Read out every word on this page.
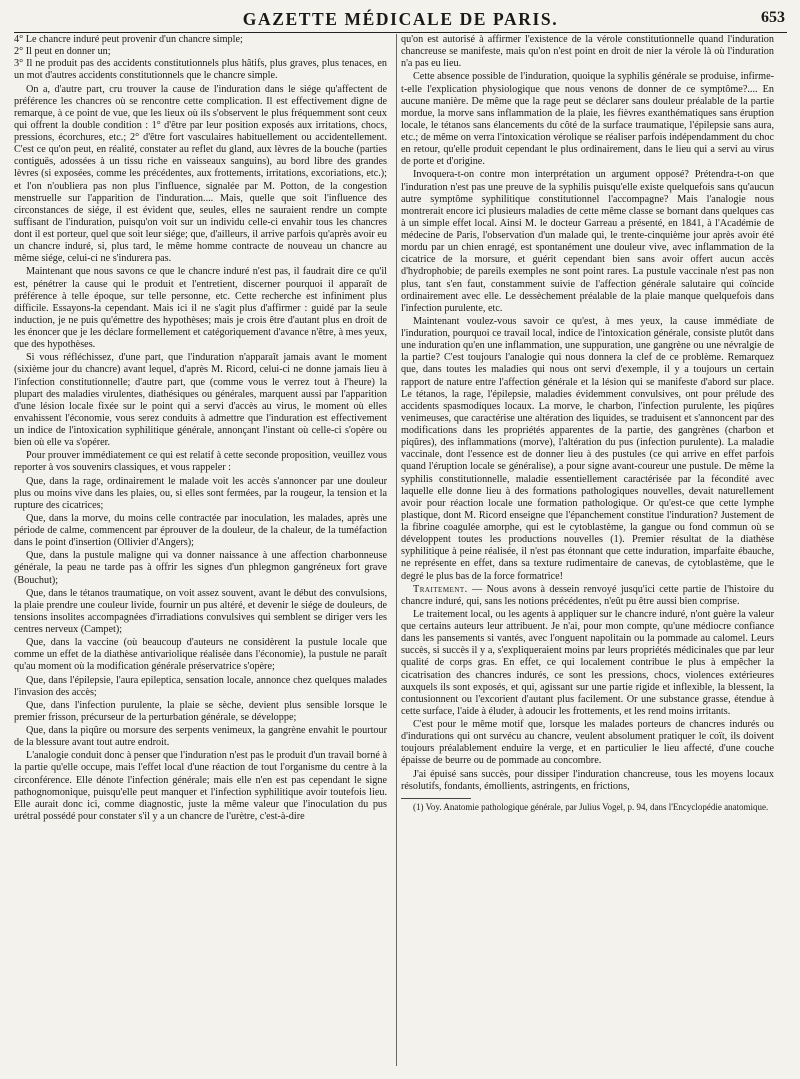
GAZETTE MÉDICALE DE PARIS.	653

4° Le chancre induré peut provenir d'un chancre simple;

2° Il peut en donner un;

3° Il ne produit pas des accidents constitutionnels plus hâtifs, plus graves, plus tenaces, en un mot d'autres accidents constitutionnels que le chancre simple.

On a, d'autre part, cru trouver la cause de l'induration dans le siége qu'affectent de préférence les chancres où se rencontre cette complication. Il est effectivement digne de remarque, à ce point de vue, que les lieux où ils s'observent le plus fréquemment sont ceux qui offrent la double condition : 1° d'être par leur position exposés aux irritations, chocs, pressions, écorchures, etc.; 2° d'être fort vasculaires habituellement ou accidentellement. C'est ce qu'on peut, en réalité, constater au reflet du gland, aux lèvres de la bouche (parties contiguës, adossées à un tissu riche en vaisseaux sanguins), au bord libre des grandes lèvres (si exposées, comme les précédentes, aux frottements, irritations, excoriations, etc.); et l'on n'oubliera pas non plus l'influence, signalée par M. Potton, de la congestion menstruelle sur l'apparition de l'induration.... Mais, quelle que soit l'influence des circonstances de siége, il est évident que, seules, elles ne sauraient rendre un compte suffisant de l'induration, puisqu'on voit sur un individu celle-ci envahir tous les chancres dont il est porteur, quel que soit leur siége; que, d'ailleurs, il arrive parfois qu'après avoir eu un chancre induré, si, plus tard, le même homme contracte de nouveau un chancre au même siége, celui-ci ne s'indurera pas.

Maintenant que nous savons ce que le chancre induré n'est pas, il faudrait dire ce qu'il est, pénétrer la cause qui le produit et l'entretient, discerner pourquoi il apparaît de préférence à telle époque, sur telle personne, etc. Cette recherche est infiniment plus difficile. Essayons-la cependant. Mais ici il ne s'agit plus d'affirmer : guidé par la seule induction, je ne puis qu'émettre des hypothèses; mais je crois être d'autant plus en droit de les énoncer que je les déclare formellement et catégoriquement d'avance n'être, à mes yeux, que des hypothèses.

Si vous réfléchissez, d'une part, que l'induration n'apparaît jamais avant le moment (sixième jour du chancre) avant lequel, d'après M. Ricord, celui-ci ne donne jamais lieu à l'infection constitutionnelle; d'autre part, que (comme vous le verrez tout à l'heure) la plupart des maladies virulentes, diathésiques ou générales, marquent aussi par l'apparition d'une lésion locale fixée sur le point qui a servi d'accès au virus, le moment où elles envahissent l'économie, vous serez conduits à admettre que l'induration est effectivement un indice de l'intoxication syphilitique générale, annonçant l'instant où celle-ci s'opère ou bien où elle va s'opérer.

Pour prouver immédiatement ce qui est relatif à cette seconde proposition, veuillez vous reporter à vos souvenirs classiques, et vous rappeler :

Que, dans la rage, ordinairement le malade voit les accès s'annoncer par une douleur plus ou moins vive dans les plaies, ou, si elles sont fermées, par la rougeur, la tension et la rupture des cicatrices;

Que, dans la morve, du moins celle contractée par inoculation, les malades, après une période de calme, commencent par éprouver de la douleur, de la chaleur, de la tuméfaction dans le point d'insertion (Ollivier d'Angers);

Que, dans la pustule maligne qui va donner naissance à une affection charbonneuse générale, la peau ne tarde pas à offrir les signes d'un phlegmon gangréneux fort grave (Bouchut);

Que, dans le tétanos traumatique, on voit assez souvent, avant le début des convulsions, la plaie prendre une couleur livide, fournir un pus altéré, et devenir le siége de douleurs, de tensions insolites accompagnées d'irradiations convulsives qui semblent se diriger vers les centres nerveux (Campet);

Que, dans la vaccine (où beaucoup d'auteurs ne considèrent la pustule locale que comme un effet de la diathèse antivariolique réalisée dans l'économie), la pustule ne paraît qu'au moment où la modification générale préservatrice s'opère;

Que, dans l'épilepsie, l'aura epileptica, sensation locale, annonce chez quelques malades l'invasion des accès;

Que, dans l'infection purulente, la plaie se sèche, devient plus sensible lorsque le premier frisson, précurseur de la perturbation générale, se développe;

Que, dans la piqûre ou morsure des serpents venimeux, la gangrène envahit le pourtour de la blessure avant tout autre endroit.

L'analogie conduit donc à penser que l'induration n'est pas le produit d'un travail borné à la partie qu'elle occupe, mais l'effet local d'une réaction de tout l'organisme du centre à la circonférence. Elle dénote l'infection générale; mais elle n'en est pas cependant le signe pathognomonique, puisqu'elle peut manquer et l'infection syphilitique avoir toutefois lieu. Elle aurait donc ici, comme diagnostic, juste la même valeur que l'inoculation du pus urétral possédé pour constater s'il y a un chancre de l'urètre, c'est-à-dire

qu'on est autorisé à affirmer l'existence de la vérole constitutionnelle quand l'induration chancreuse se manifeste, mais qu'on n'est point en droit de nier la vérole là où l'induration n'a pas eu lieu.

Cette absence possible de l'induration, quoique la syphilis générale se produise, infirme-t-elle l'explication physiologique que nous venons de donner de ce symptôme?.... En aucune manière. De même que la rage peut se déclarer sans douleur préalable de la partie mordue, la morve sans inflammation de la plaie, les fièvres exanthématiques sans éruption locale, le tétanos sans élancements du côté de la surface traumatique, l'épilepsie sans aura, etc.; de même on verra l'intoxication vérolique se réaliser parfois indépendamment du choc en retour, qu'elle produit cependant le plus ordinairement, dans le lieu qui a servi au virus de porte et d'origine.

Invoquera-t-on contre mon interprétation un argument opposé? Prétendra-t-on que l'induration n'est pas une preuve de la syphilis puisqu'elle existe quelquefois sans qu'aucun autre symptôme syphilitique constitutionnel l'accompagne? Mais l'analogie nous montrerait encore ici plusieurs maladies de cette même classe se bornant dans quelques cas à un simple effet local. Ainsi M. le docteur Garreau a présenté, en 1841, à l'Académie de médecine de Paris, l'observation d'un malade qui, le trente-cinquième jour après avoir été mordu par un chien enragé, est spontanément une douleur vive, avec inflammation de la cicatrice de la morsure, et guérit cependant bien sans avoir offert aucun accès d'hydrophobie; de pareils exemples ne sont point rares. La pustule vaccinale n'est pas non plus, tant s'en faut, constamment suivie de l'affection générale salutaire qui coïncide ordinairement avec elle. Le dessèchement préalable de la plaie manque quelquefois dans l'infection purulente, etc.

Maintenant voulez-vous savoir ce qu'est, à mes yeux, la cause immédiate de l'induration, pourquoi ce travail local, indice de l'intoxication générale, consiste plutôt dans une induration qu'en une inflammation, une suppuration, une gangrène ou une névralgie de la partie? C'est toujours l'analogie qui nous donnera la clef de ce problème. Remarquez que, dans toutes les maladies qui nous ont servi d'exemple, il y a toujours un certain rapport de nature entre l'affection générale et la lésion qui se manifeste d'abord sur place. Le tétanos, la rage, l'épilepsie, maladies évidemment convulsives, ont pour prélude des accidents spasmodiques locaux. La morve, le charbon, l'infection purulente, les piqûres venimeuses, que caractérise une altération des liquides, se traduisent et s'annoncent par des modifications dans les propriétés apparentes de la partie, des gangrènes (charbon et piqûres), des inflammations (morve), l'altération du pus (infection purulente). La maladie vaccinale, dont l'essence est de donner lieu à des pustules (ce qui arrive en effet parfois quand l'éruption locale se généralise), a pour signe avant-coureur une pustule. De même la syphilis constitutionnelle, maladie essentiellement caractérisée par la fécondité avec laquelle elle donne lieu à des formations pathologiques nouvelles, devait naturellement avoir pour réaction locale une formation pathologique. Or qu'est-ce que cette lymphe plastique, dont M. Ricord enseigne que l'épanchement constitue l'induration? Justement de la fibrine coagulée amorphe, qui est le cytoblastème, la gangue ou fond commun où se développent toutes les productions nouvelles (1). Premier résultat de la diathèse syphilitique à peine réalisée, il n'est pas étonnant que cette induration, imparfaite ébauche, ne représente en effet, dans sa texture rudimentaire de canevas, de cytoblastème, que le degré le plus bas de la force formatrice!

Traitement. — Nous avons à dessein renvoyé jusqu'ici cette partie de l'histoire du chancre induré, qui, sans les notions précédentes, n'eût pu être aussi bien comprise.

Le traitement local, ou les agents à appliquer sur le chancre induré, n'ont guère la valeur que certains auteurs leur attribuent. Je n'ai, pour mon compte, qu'une médiocre confiance dans les pansements si vantés, avec l'onguent napolitain ou la pommade au calomel. Leurs succès, si succès il y a, s'expliqueraient moins par leurs propriétés médicinales que par leur qualité de corps gras. En effet, ce qui localement contribue le plus à empêcher la cicatrisation des chancres indurés, ce sont les pressions, chocs, violences extérieures auxquels ils sont exposés, et qui, agissant sur une partie rigide et inflexible, la blessent, la contusionnent ou l'excorient d'autant plus facilement. Or une substance grasse, étendue à cette surface, l'aide à éluder, à adoucir les frottements, et les rend moins irritants.

C'est pour le même motif que, lorsque les malades porteurs de chancres indurés ou d'indurations qui ont survécu au chancre, veulent absolument pratiquer le coït, ils doivent toujours préalablement enduire la verge, et en particulier le lieu affecté, d'une couche épaisse de beurre ou de pommade au concombre.

J'ai épuisé sans succès, pour dissiper l'induration chancreuse, tous les moyens locaux résolutifs, fondants, émollients, astringents, en frictions,

(1) Voy. Anatomie pathologique générale, par Julius Vogel, p. 94, dans l'Encyclopédie anatomique.
